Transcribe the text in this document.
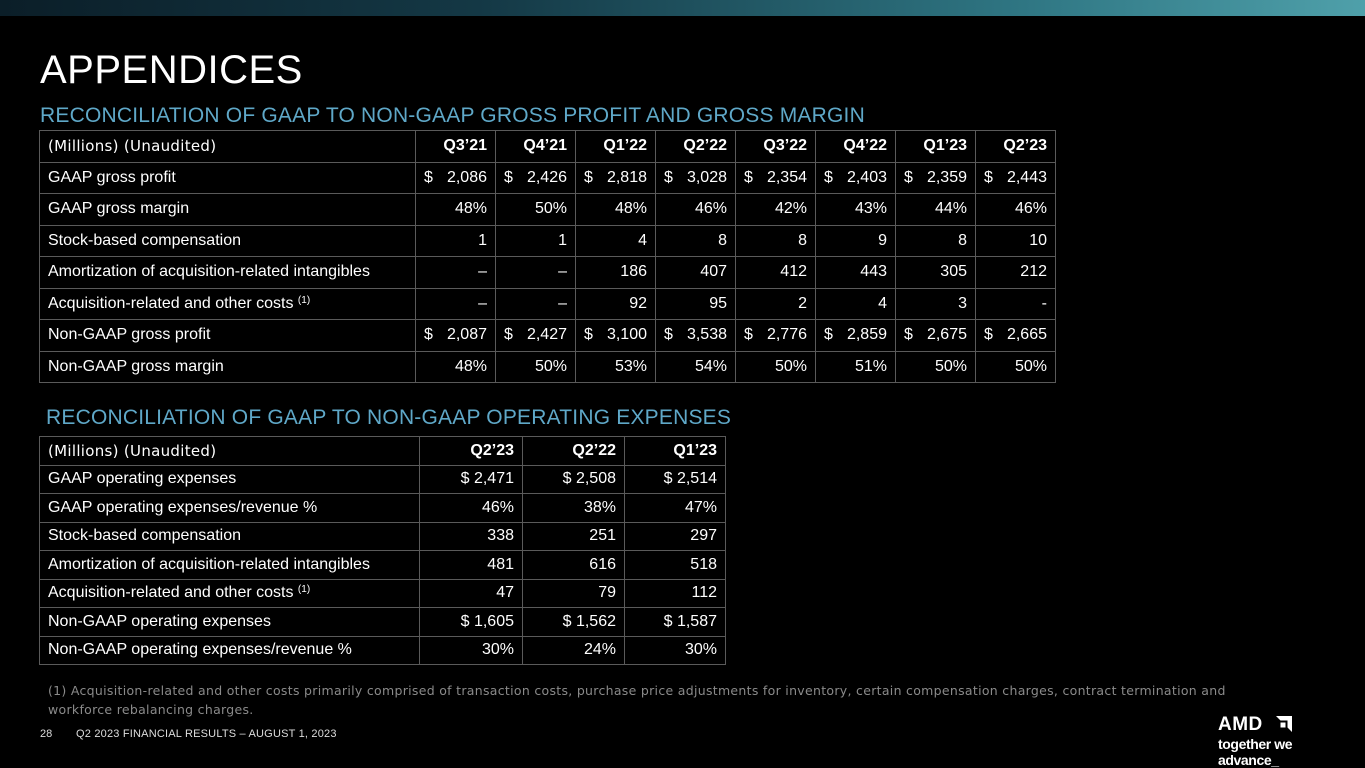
APPENDICES
RECONCILIATION OF GAAP TO NON-GAAP GROSS PROFIT AND GROSS MARGIN
(Millions) (Unaudited)	Q3’21	Q4’21	Q1’22	Q2’22	Q3’22	Q4’22	Q1’23	Q2’23
GAAP gross profit	$ 2,086	$ 2,426	$ 2,818	$ 3,028	$ 2,354	$ 2,403	$ 2,359	$ 2,443

GAAP gross margin	48%	50%	48%	46%	42%	43%	44%	46%
Stock-based compensation	1	1	4	8	8	9	8	10
Amortization of acquisition-related intangibles	–	–	186	407	412	443	305	212
Acquisition-related and other costs $^{(1)}$	–	–	92	95	2	4	3	-
Non-GAAP gross profit	$ 2,087	$ 2,427	$ 3,100	$ 3,538	$ 2,776	$ 2,859	$ 2,675	$ 2,665

Non-GAAP gross margin	48%	50%	53%	54%	50%	51%	50%	50%
RECONCILIATION OF GAAP TO NON-GAAP OPERATING EXPENSES
(Millions) (Unaudited)	Q2’23	Q2’22	Q1’23
GAAP operating expenses	$ 2,471	$ 2,508	$ 2,514
GAAP operating expenses/revenue %	46%	38%	47%
Stock-based compensation	338	251	297
Amortization of acquisition-related intangibles	481	616	518
Acquisition-related and other costs $^{(1)}$	47	79	112
Non-GAAP operating expenses	$ 1,605	$ 1,562	$ 1,587
Non-GAAP operating expenses/revenue %	30%	24%	30%

(1) Acquisition-related and other costs primarily comprised of transaction costs, purchase price adjustments for inventory, certain compensation charges, contract termination and workforce rebalancing charges.

28 Q2 2023 FINANCIAL RESULTS – AUGUST 1, 2023	AMD
together we advance_
